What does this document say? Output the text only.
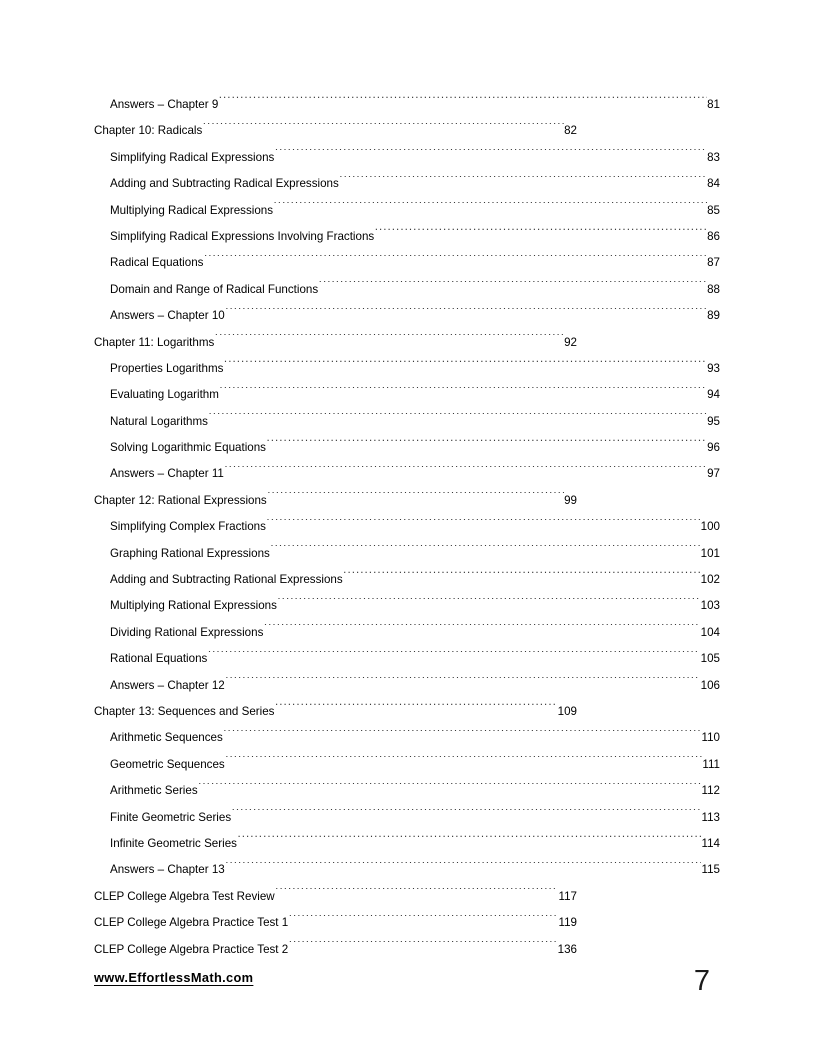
Answers – Chapter 9 .....	81
Chapter 10: Radicals .....	82
Simplifying Radical Expressions .....	83
Adding and Subtracting Radical Expressions .....	84
Multiplying Radical Expressions .....	85
Simplifying Radical Expressions Involving Fractions .....	86
Radical Equations .....	87
Domain and Range of Radical Functions .....	88
Answers – Chapter 10 .....	89
Chapter 11: Logarithms .....	92
Properties Logarithms .....	93
Evaluating Logarithm .....	94
Natural Logarithms .....	95
Solving Logarithmic Equations .....	96
Answers – Chapter 11 .....	97
Chapter 12: Rational Expressions .....	99
Simplifying Complex Fractions .....	100
Graphing Rational Expressions .....	101
Adding and Subtracting Rational Expressions .....	102
Multiplying Rational Expressions .....	103
Dividing Rational Expressions .....	104
Rational Equations .....	105
Answers – Chapter 12 .....	106
Chapter 13: Sequences and Series .....	109
Arithmetic Sequences .....	110
Geometric Sequences .....	111
Arithmetic Series .....	112
Finite Geometric Series .....	113
Infinite Geometric Series .....	114
Answers – Chapter 13 .....	115
CLEP College Algebra Test Review .....	117
CLEP College Algebra Practice Test 1 .....	119
CLEP College Algebra Practice Test 2 .....	136
www.EffortlessMath.com	7
